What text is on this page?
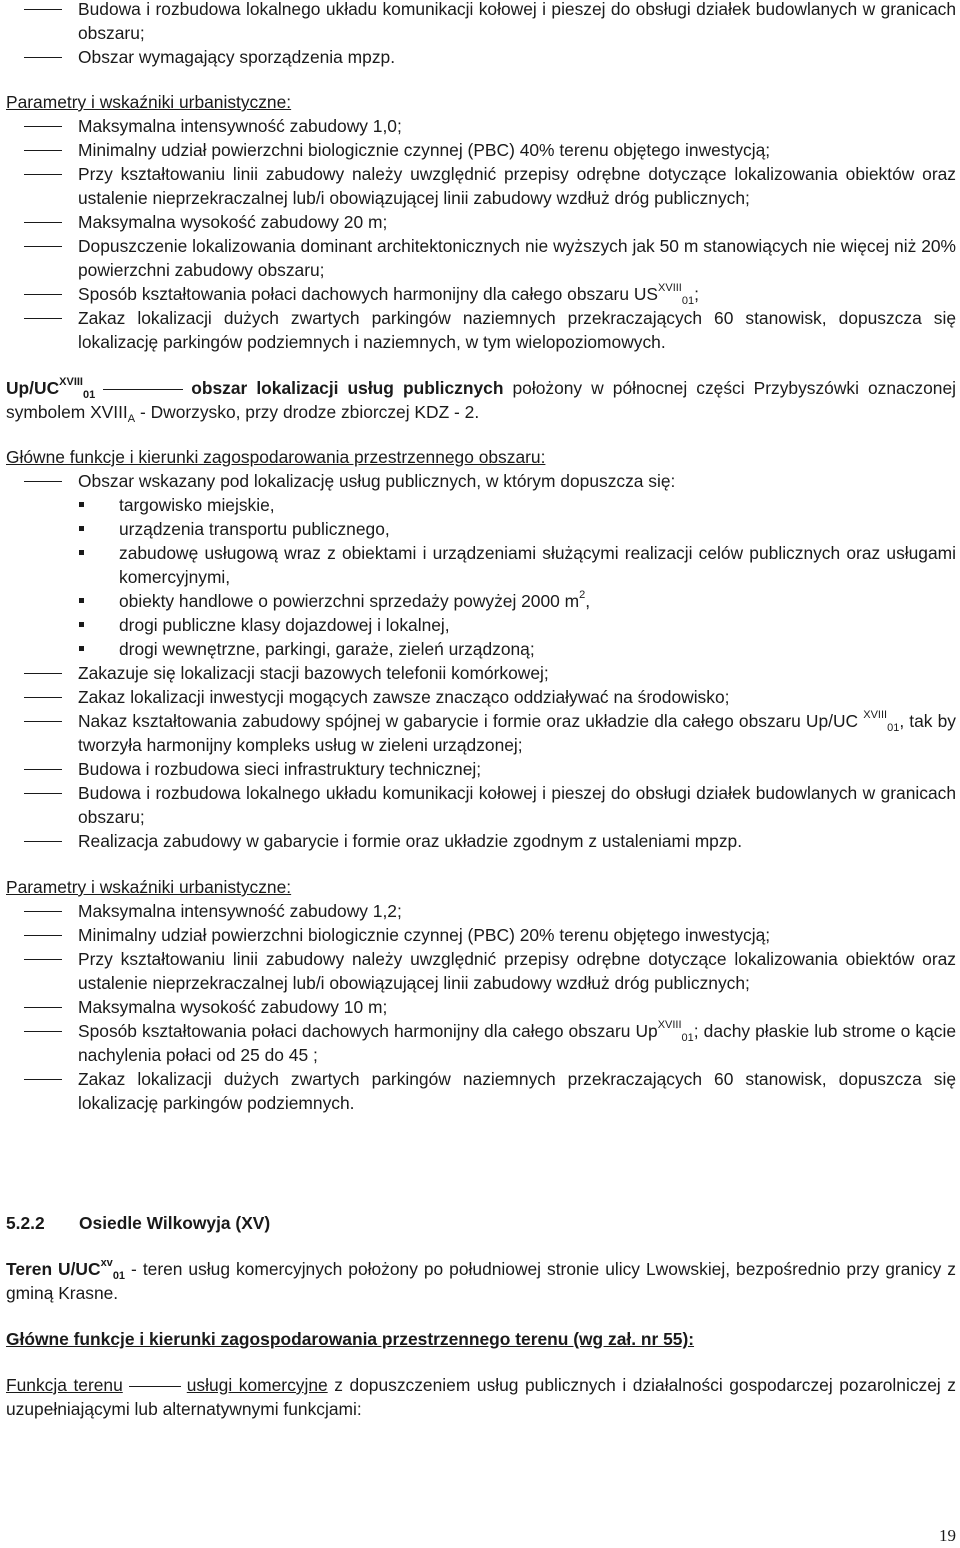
Budowa i rozbudowa lokalnego układu komunikacji kołowej i pieszej do obsługi działek budowlanych w granicach obszaru;
Obszar wymagający sporządzenia mpzp.

Parametry i wskaźniki urbanistyczne:

Maksymalna intensywność zabudowy 1,0;
Minimalny udział powierzchni biologicznie czynnej (PBC) 40% terenu objętego inwestycją;
Przy kształtowaniu linii zabudowy należy uwzględnić przepisy odrębne dotyczące lokalizowania obiektów oraz ustalenie nieprzekraczalnej lub/i obowiązującej linii zabudowy wzdłuż dróg publicznych;
Maksymalna wysokość zabudowy 20 m;
Dopuszczenie lokalizowania dominant architektonicznych nie wyższych jak 50 m stanowiących nie więcej niż 20% powierzchni zabudowy obszaru;
Sposób kształtowania połaci dachowych harmonijny dla całego obszaru $US^{XVIII}_{01}$;
Zakaz lokalizacji dużych zwartych parkingów naziemnych przekraczających 60 stanowisk, dopuszcza się lokalizację parkingów podziemnych i naziemnych, w tym wielopoziomowych.

$Up/UC^{XVIII}_{01}$	obszar lokalizacji usług publicznych położony w północnej części Przybyszówki oznaczonej symbolem $XVIII_A$ - Dworzysko, przy drodze zbiorczej KDZ - 2.

Główne funkcje i kierunki zagospodarowania przestrzennego obszaru:

Obszar wskazany pod lokalizację usług publicznych, w którym dopuszcza się:
targowisko miejskie,
urządzenia transportu publicznego,
zabudowę usługową wraz z obiektami i urządzeniami służącymi realizacji celów publicznych oraz usługami komercyjnymi,
obiekty handlowe o powierzchni sprzedaży powyżej 2000 $m^2$,
drogi publiczne klasy dojazdowej i lokalnej,
drogi wewnętrzne, parkingi, garaże, zieleń urządzoną;
Zakazuje się lokalizacji stacji bazowych telefonii komórkowej;
Zakaz lokalizacji inwestycji mogących zawsze znacząco oddziaływać na środowisko;
Nakaz kształtowania zabudowy spójnej w gabarycie i formie oraz układzie dla całego obszaru Up/UC $^{XVIII}_{01}$, tak by tworzyła harmonijny kompleks usług w zieleni urządzonej;
Budowa i rozbudowa sieci infrastruktury technicznej;
Budowa i rozbudowa lokalnego układu komunikacji kołowej i pieszej do obsługi działek budowlanych w granicach obszaru;
Realizacja zabudowy w gabarycie i formie oraz układzie zgodnym z ustaleniami mpzp.

Parametry i wskaźniki urbanistyczne:

Maksymalna intensywność zabudowy 1,2;
Minimalny udział powierzchni biologicznie czynnej (PBC) 20% terenu objętego inwestycją;
Przy kształtowaniu linii zabudowy należy uwzględnić przepisy odrębne dotyczące lokalizowania obiektów oraz ustalenie nieprzekraczalnej lub/i obowiązującej linii zabudowy wzdłuż dróg publicznych;
Maksymalna wysokość zabudowy 10 m;
Sposób kształtowania połaci dachowych harmonijny dla całego obszaru $Up^{XVIII}_{01}$; dachy płaskie lub strome o kącie nachylenia połaci od 25 do 45 ;
Zakaz lokalizacji dużych zwartych parkingów naziemnych przekraczających 60 stanowisk, dopuszcza się lokalizację parkingów podziemnych.

5.2.2 Osiedle Wilkowyja (XV)

Teren $U/UC^{xv}_{01}$ - teren usług komercyjnych położony po południowej stronie ulicy Lwowskiej, bezpośrednio przy granicy z gminą Krasne.

Główne funkcje i kierunki zagospodarowania przestrzennego terenu (wg zał. nr 55):

Funkcja terenu	usługi komercyjne z dopuszczeniem usług publicznych i działalności gospodarczej pozarolniczej z uzupełniającymi lub alternatywnymi funkcjami:

19
